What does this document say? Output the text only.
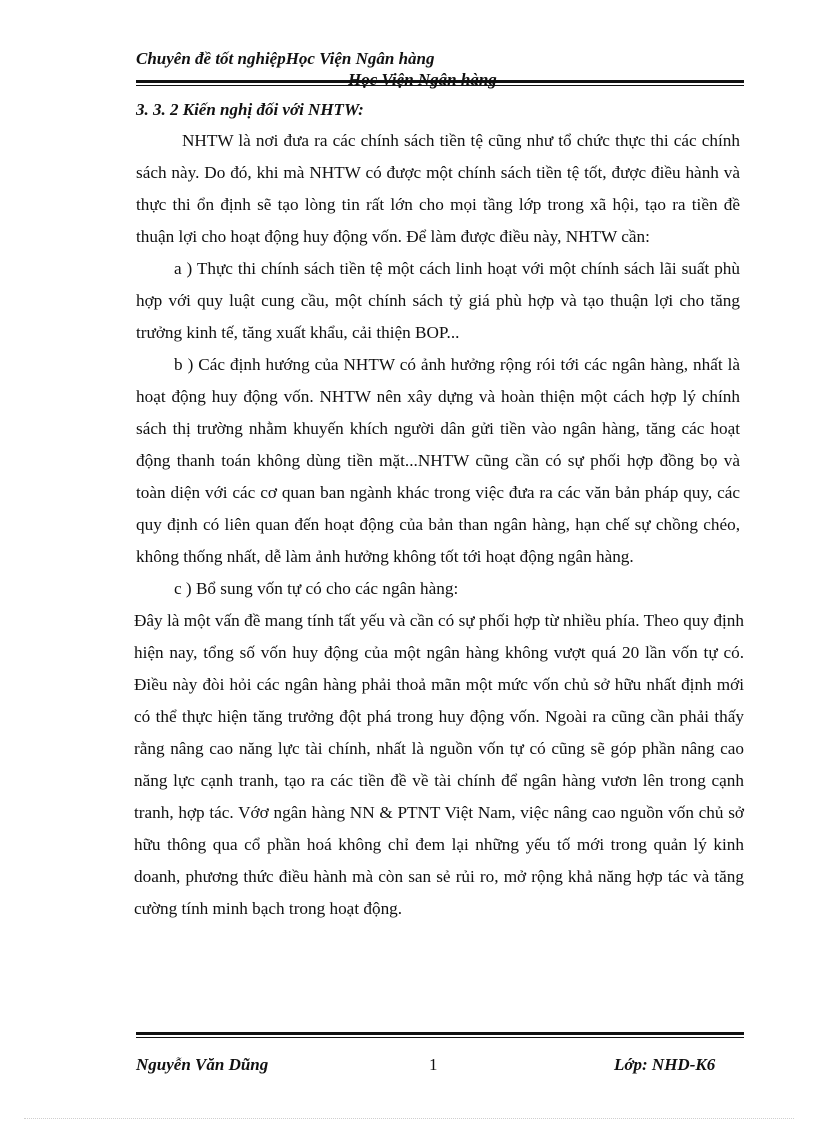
Chuyên đề tốt nghiệpHọc Viện Ngân hàng
3. 3. 2 Kiến nghị đối với NHTW:

NHTW là nơi đưa ra các chính sách tiền tệ cũng như tổ chức thực thi các chính sách này. Do đó, khi mà NHTW có được một chính sách tiền tệ tốt, được điều hành và thực thi ổn định sẽ tạo lòng tin rất lớn cho mọi tầng lớp trong xã hội, tạo ra tiền đề thuận lợi cho hoạt động huy động vốn. Để làm được điều này, NHTW cần:

a ) Thực thi chính sách tiền tệ một cách linh hoạt với một chính sách lãi suất phù hợp với quy luật cung cầu, một chính sách tỷ giá phù hợp và tạo thuận lợi cho tăng trưởng kinh tế, tăng xuất khẩu, cải thiện BOP...

b ) Các định hướng của NHTW có ảnh hưởng rộng rói tới các ngân hàng, nhất là hoạt động huy động vốn. NHTW nên xây dựng và hoàn thiện một cách hợp lý chính sách thị trường nhằm khuyến khích người dân gửi tiền vào ngân hàng, tăng các hoạt động thanh toán không dùng tiền mặt...NHTW cũng cần có sự phối hợp đồng bọ và toàn diện với các cơ quan ban ngành khác trong việc đưa ra các văn bản pháp quy, các quy định có liên quan đến hoạt động của bản than ngân hàng, hạn chế sự chồng chéo, không thống nhất, dễ làm ảnh hưởng không tốt tới hoạt động ngân hàng.

c ) Bổ sung vốn tự có cho các ngân hàng:

Đây là một vấn đề mang tính tất yếu và cần có sự phối hợp từ nhiều phía. Theo quy định hiện nay, tổng số vốn huy động của một ngân hàng không vượt quá 20 lần vốn tự có. Điều này đòi hỏi các ngân hàng phải thoả mãn một mức vốn chủ sở hữu nhất định mới có thể thực hiện tăng trưởng đột phá trong huy động vốn. Ngoài ra cũng cần phải thấy rằng nâng cao năng lực tài chính, nhất là nguồn vốn tự có cũng sẽ góp phần nâng cao năng lực cạnh tranh, tạo ra các tiền đề về tài chính để ngân hàng vươn lên trong cạnh tranh, hợp tác. Vớơ ngân hàng NN & PTNT Việt Nam, việc nâng cao nguồn vốn chủ sở hữu thông qua cổ phần hoá không chỉ đem lại những yếu tố mới trong quản lý kinh doanh, phương thức điều hành mà còn san sẻ rủi ro, mở rộng khả năng hợp tác và tăng cường tính minh bạch trong hoạt động.

Nguyễn Văn Dũng	1	Lớp: NHD-K6
